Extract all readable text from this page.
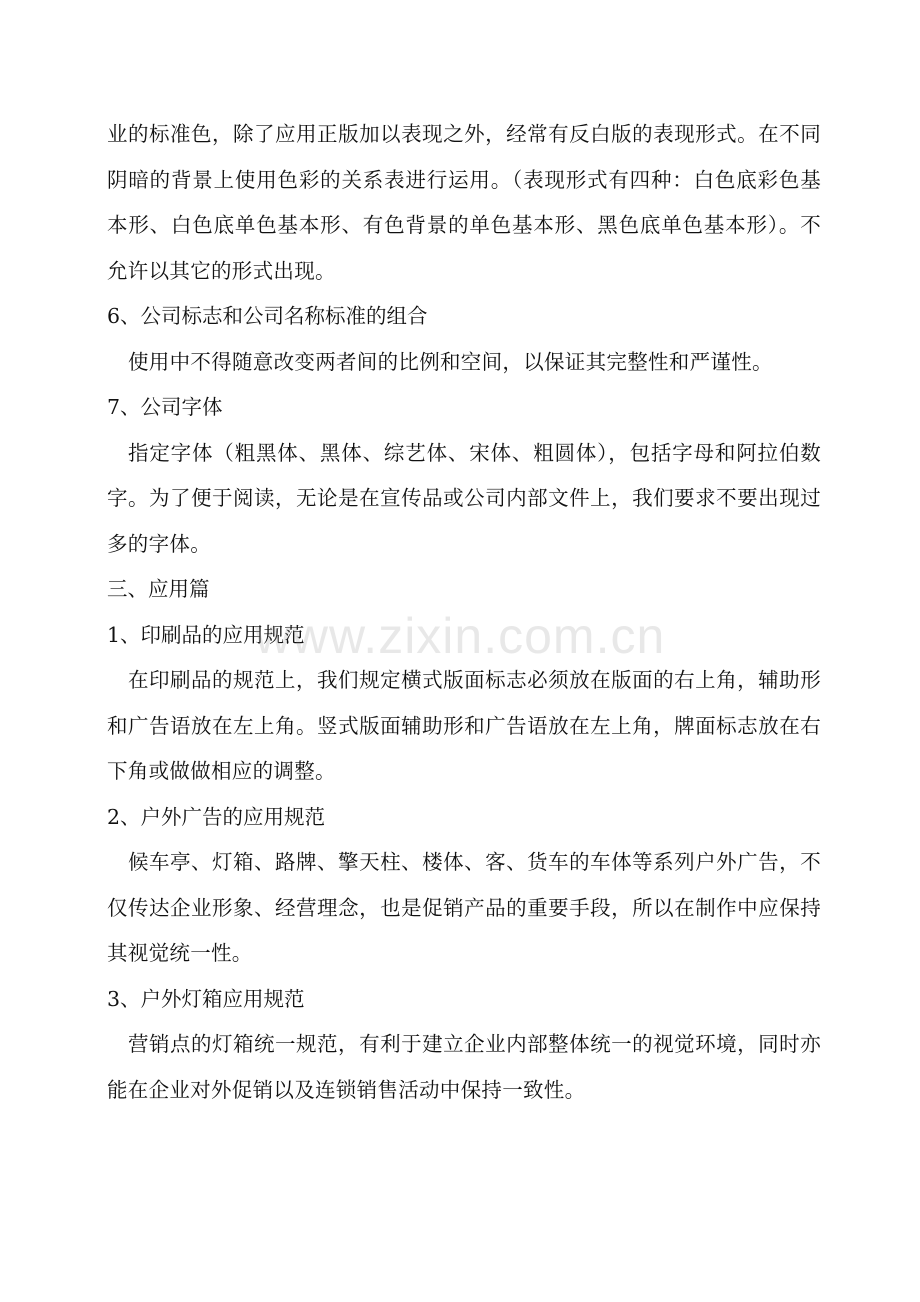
业的标准色，除了应用正版加以表现之外，经常有反白版的表现形式。在不同阴暗的背景上使用色彩的关系表进行运用。（表现形式有四种：白色底彩色基本形、白色底单色基本形、有色背景的单色基本形、黑色底单色基本形）。不允许以其它的形式出现。

6、公司标志和公司名称标准的组合

使用中不得随意改变两者间的比例和空间，以保证其完整性和严谨性。

7、公司字体

指定字体（粗黑体、黑体、综艺体、宋体、粗圆体），包括字母和阿拉伯数字。为了便于阅读，无论是在宣传品或公司内部文件上，我们要求不要出现过多的字体。

三、应用篇

1、印刷品的应用规范

在印刷品的规范上，我们规定横式版面标志必须放在版面的右上角，辅助形和广告语放在左上角。竖式版面辅助形和广告语放在左上角，牌面标志放在右下角或做做相应的调整。

2、户外广告的应用规范

候车亭、灯箱、路牌、擎天柱、楼体、客、货车的车体等系列户外广告，不仅传达企业形象、经营理念，也是促销产品的重要手段，所以在制作中应保持其视觉统一性。

3、户外灯箱应用规范

营销点的灯箱统一规范，有利于建立企业内部整体统一的视觉环境，同时亦能在企业对外促销以及连锁销售活动中保持一致性。

www.zixin.com.cn
